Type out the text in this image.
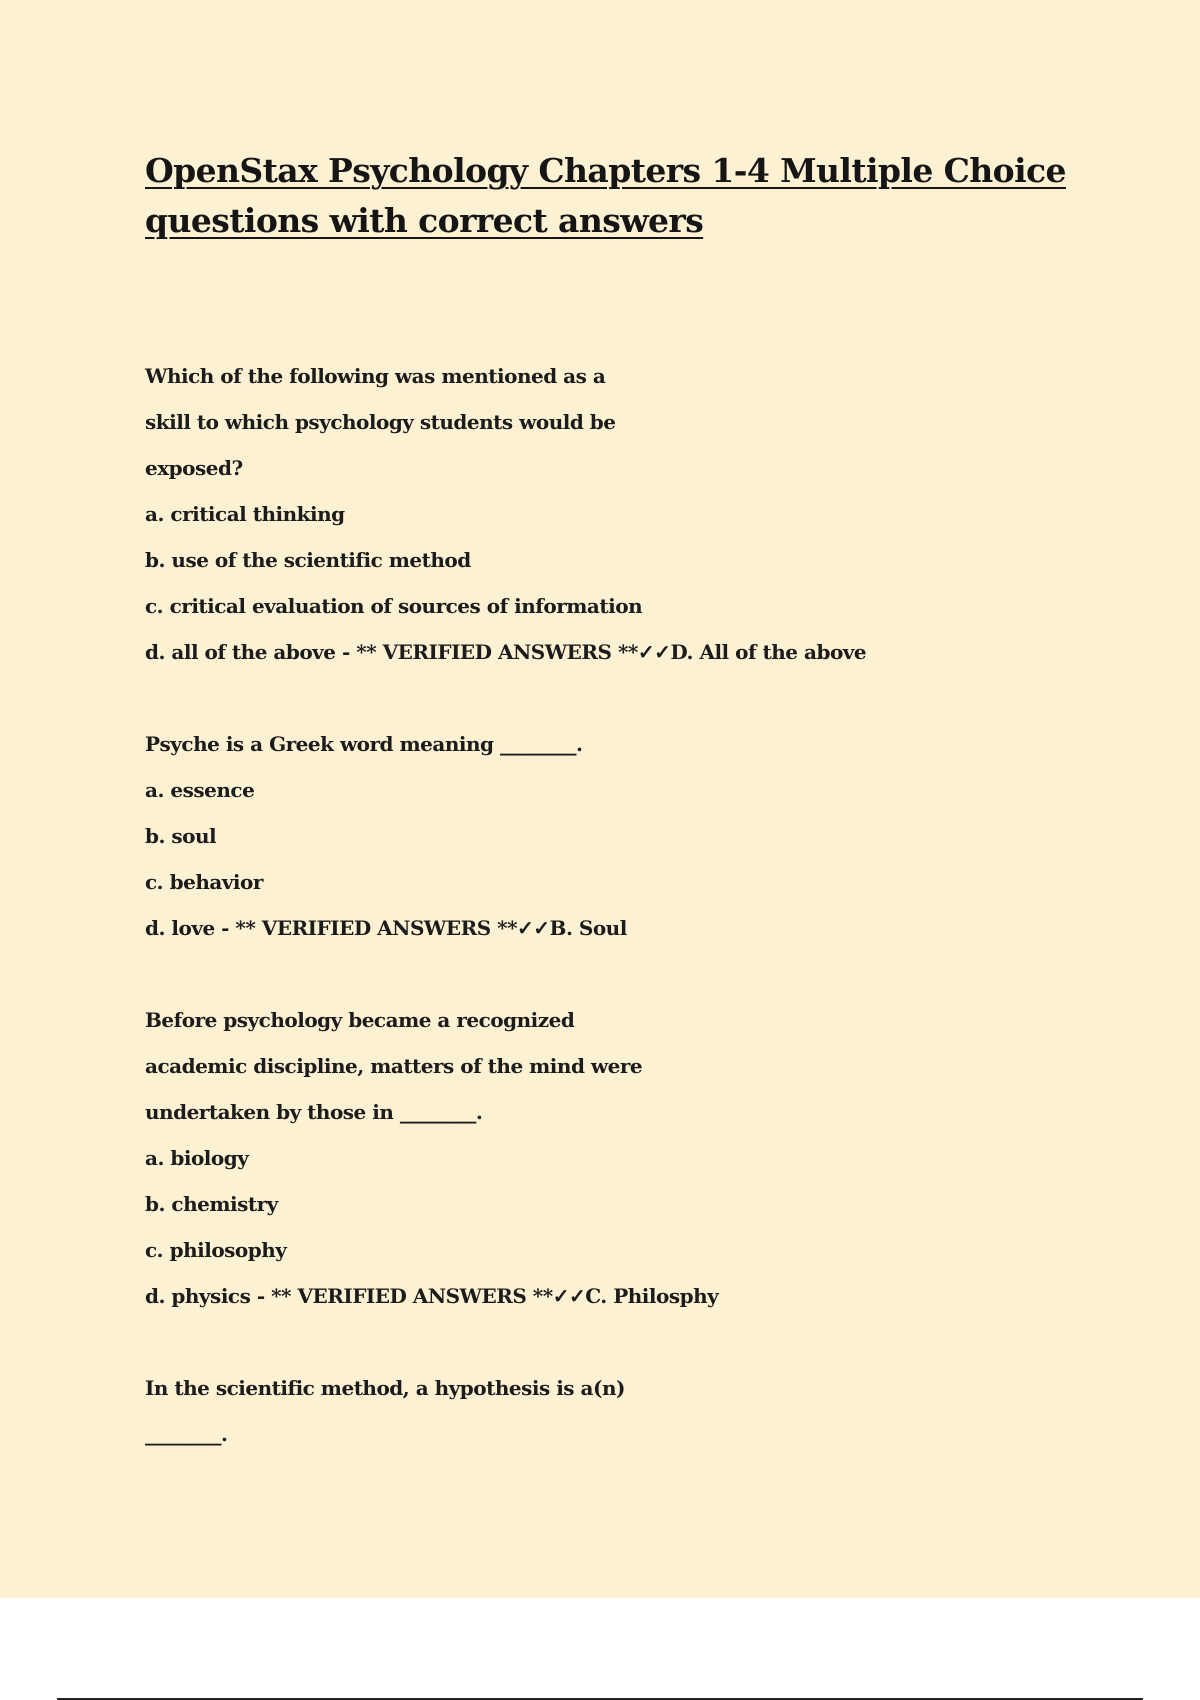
OpenStax Psychology Chapters 1-4 Multiple Choice questions with correct answers
Which of the following was mentioned as a
skill to which psychology students would be
exposed?
a. critical thinking
b. use of the scientific method
c. critical evaluation of sources of information
d. all of the above - ** VERIFIED ANSWERS **✓✓D. All of the above
Psyche is a Greek word meaning ________.
a. essence
b. soul
c. behavior
d. love - ** VERIFIED ANSWERS **✓✓B. Soul
Before psychology became a recognized
academic discipline, matters of the mind were
undertaken by those in ________.
a. biology
b. chemistry
c. philosophy
d. physics - ** VERIFIED ANSWERS **✓✓C. Philosphy
In the scientific method, a hypothesis is a(n)
________.
